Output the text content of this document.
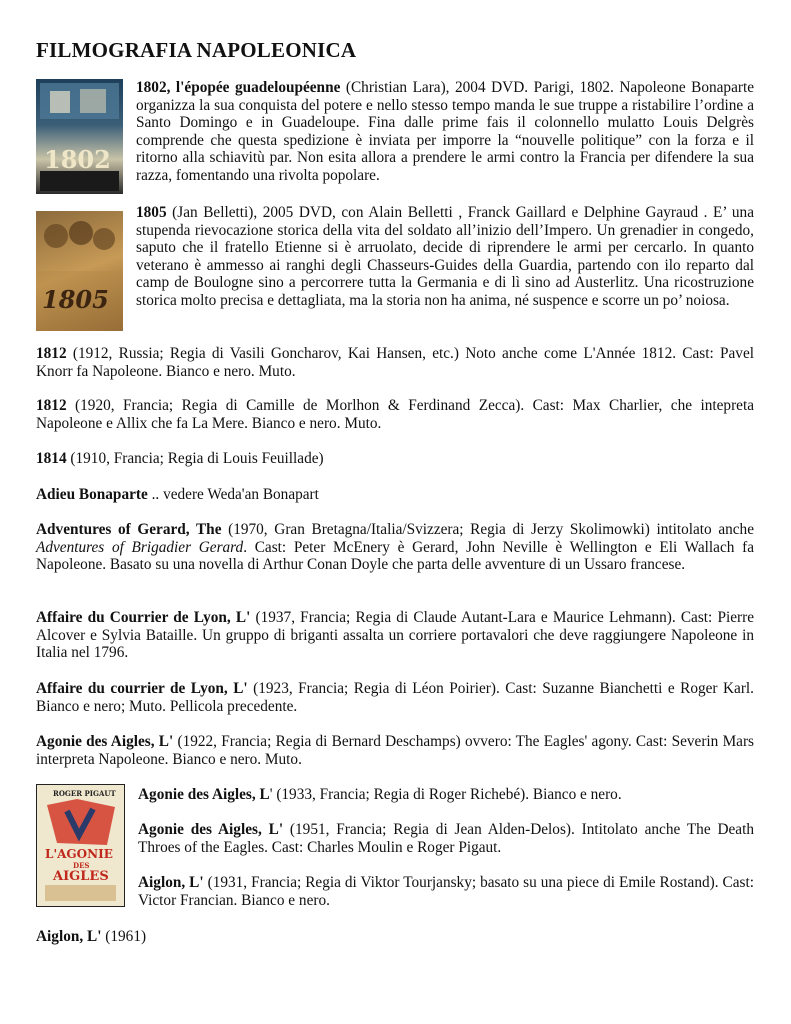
FILMOGRAFIA NAPOLEONICA
1802
1805
ROGER PIGAUT
L'AGONIE
DES
AIGLES
1802, l'épopée guadeloupéenne (Christian Lara), 2004 DVD. Parigi, 1802. Napoleone Bonaparte organizza la sua conquista del potere e nello stesso tempo manda le sue truppe a ristabilire l’ordine a Santo Domingo e in Guadeloupe. Fina dalle prime fais il colonnello mulatto Louis Delgrès comprende che questa spedizione è inviata per imporre la “nouvelle politique” con la forza e il ritorno alla schiavitù par. Non esita allora a prendere le armi contro la Francia per difendere la sua razza, fomentando una rivolta popolare.
1805 (Jan Belletti), 2005 DVD, con Alain Belletti , Franck Gaillard e Delphine Gayraud . E’ una stupenda rievocazione storica della vita del soldato all’inizio dell’Impero. Un grenadier in congedo, saputo che il fratello Etienne si è arruolato, decide di riprendere le armi per cercarlo. In quanto veterano è ammesso ai ranghi degli Chasseurs-Guides della Guardia, partendo con ilo reparto dal camp de Boulogne sino a percorrere tutta la Germania e di lì sino ad Austerlitz. Una ricostruzione storica molto precisa e dettagliata, ma la storia non ha anima, né suspence e scorre un po’ noiosa.
1812 (1912, Russia; Regia di Vasili Goncharov, Kai Hansen, etc.) Noto anche come L'Année 1812. Cast: Pavel Knorr fa Napoleone. Bianco e nero. Muto.
1812 (1920, Francia; Regia di Camille de Morlhon & Ferdinand Zecca). Cast: Max Charlier, che intepreta Napoleone e Allix che fa La Mere. Bianco e nero. Muto.
1814 (1910, Francia; Regia di Louis Feuillade)
Adieu Bonaparte .. vedere Weda'an Bonapart
Adventures of Gerard, The (1970, Gran Bretagna/Italia/Svizzera; Regia di Jerzy Skolimowki) intitolato anche Adventures of Brigadier Gerard. Cast: Peter McEnery è Gerard, John Neville è Wellington e Eli Wallach fa Napoleone. Basato su una novella di Arthur Conan Doyle che parta delle avventure di un Ussaro francese.
Affaire du Courrier de Lyon, L' (1937, Francia; Regia di Claude Autant-Lara e Maurice Lehmann). Cast: Pierre Alcover e Sylvia Bataille. Un gruppo di briganti assalta un corriere portavalori che deve raggiungere Napoleone in Italia nel 1796.
Affaire du courrier de Lyon, L' (1923, Francia; Regia di Léon Poirier). Cast: Suzanne Bianchetti e Roger Karl. Bianco e nero; Muto. Pellicola precedente.
Agonie des Aigles, L' (1922, Francia; Regia di Bernard Deschamps) ovvero: The Eagles' agony. Cast: Severin Mars interpreta Napoleone. Bianco e nero. Muto.
Agonie des Aigles, L' (1933, Francia; Regia di Roger Richebé). Bianco e nero.
Agonie des Aigles, L' (1951, Francia; Regia di Jean Alden-Delos). Intitolato anche The Death Throes of the Eagles. Cast: Charles Moulin e Roger Pigaut.
Aiglon, L' (1931, Francia; Regia di Viktor Tourjansky; basato su una piece di Emile Rostand). Cast: Victor Francian. Bianco e nero.
Aiglon, L' (1961)
